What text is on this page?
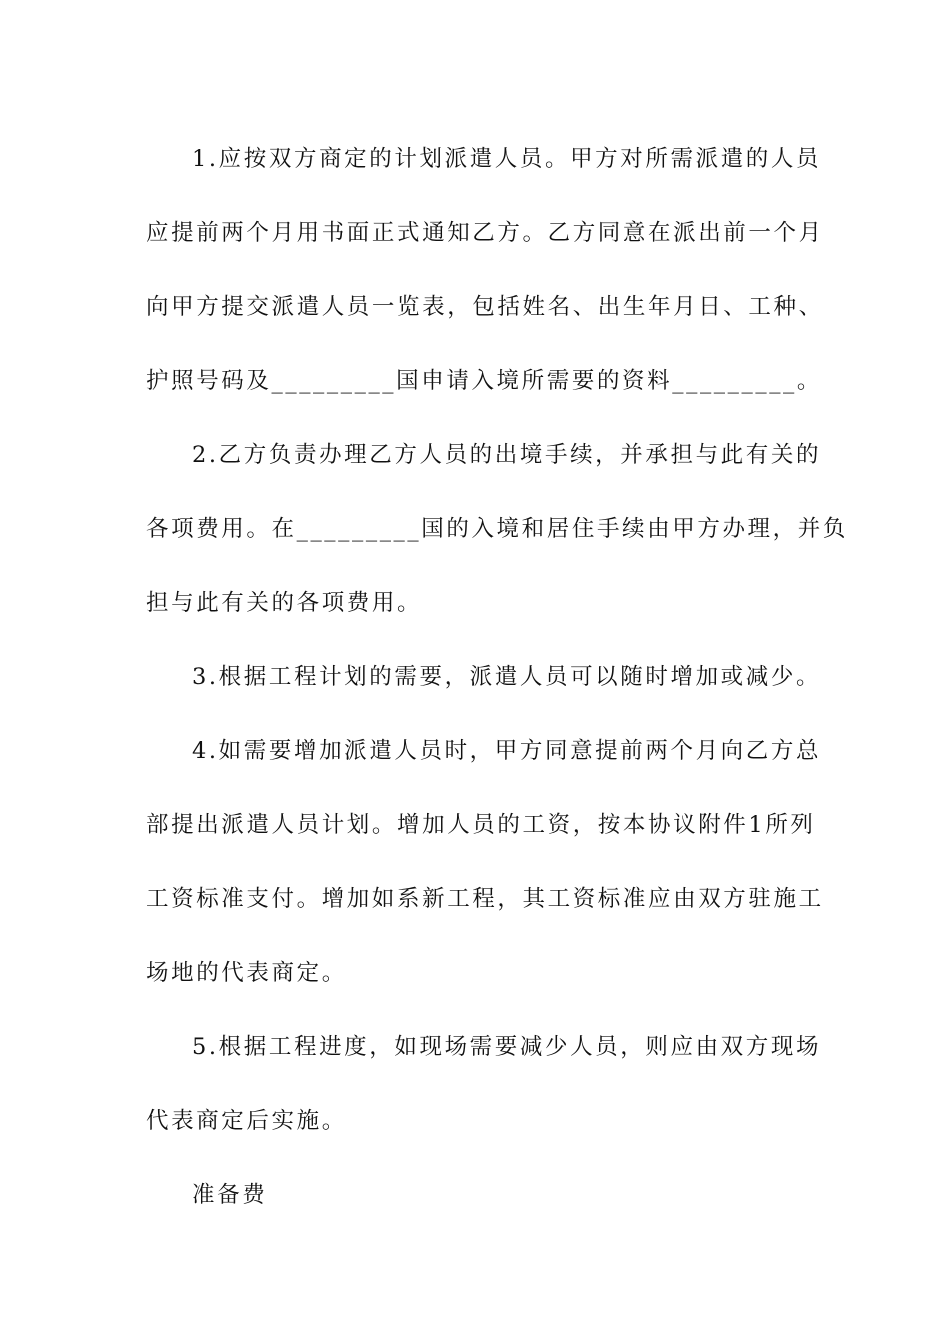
1.应按双方商定的计划派遣人员。甲方对所需派遣的人员
应提前两个月用书面正式通知乙方。乙方同意在派出前一个月
向甲方提交派遣人员一览表，包括姓名、出生年月日、工种、
护照号码及_________国申请入境所需要的资料_________。

2.乙方负责办理乙方人员的出境手续，并承担与此有关的
各项费用。在_________国的入境和居住手续由甲方办理，并负
担与此有关的各项费用。

3.根据工程计划的需要，派遣人员可以随时增加或减少。

4.如需要增加派遣人员时，甲方同意提前两个月向乙方总
部提出派遣人员计划。增加人员的工资，按本协议附件1所列
工资标准支付。增加如系新工程，其工资标准应由双方驻施工
场地的代表商定。

5.根据工程进度，如现场需要减少人员，则应由双方现场
代表商定后实施。

准备费
